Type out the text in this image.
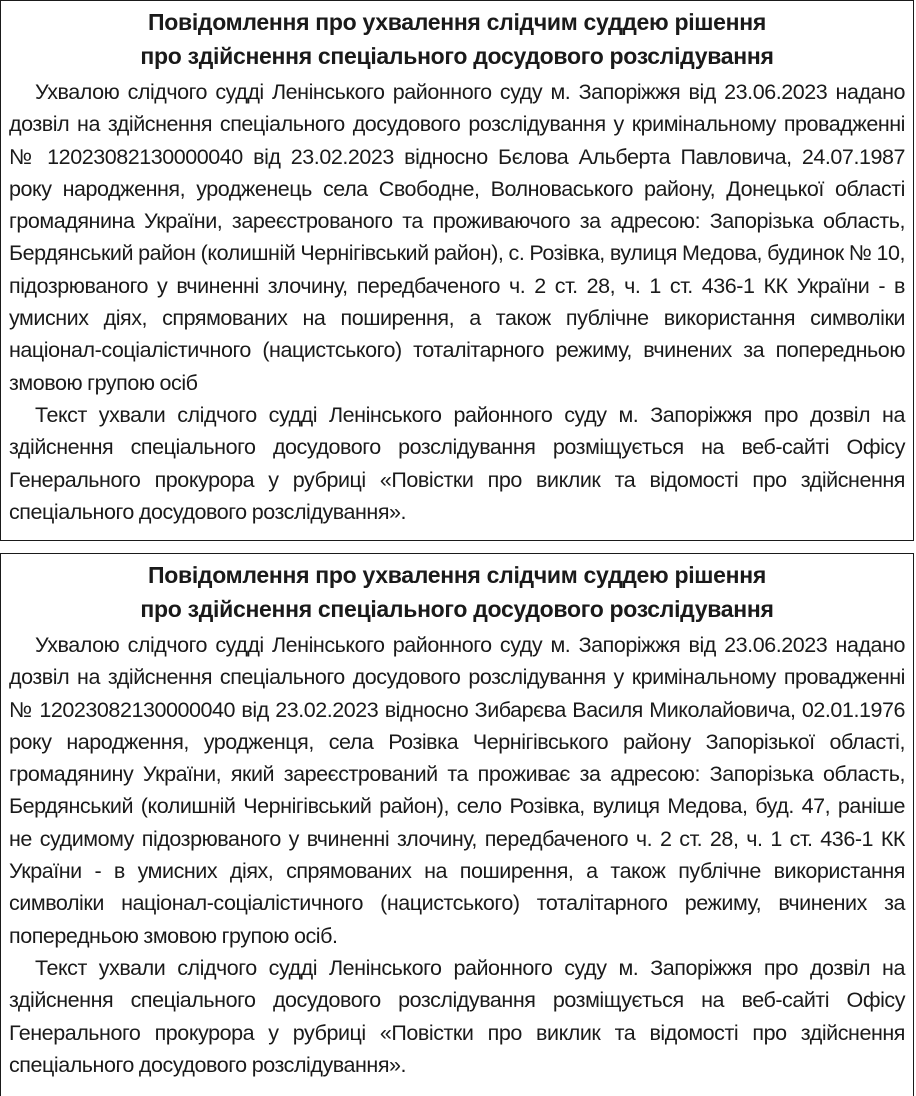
Повідомлення про ухвалення слідчим суддею рішення
про здійснення спеціального досудового розслідування

Ухвалою слідчого судді Ленінського районного суду м. Запоріжжя від 23.06.2023 надано дозвіл на здійснення спеціального досудового розслідування у кримінальному провадженні № 12023082130000040 від 23.02.2023 відносно Бєлова Альберта Павловича, 24.07.1987 року народження, уродженець села Свободне, Волноваського району, Донецької області громадянина України, зареєстрованого та проживаючого за адресою: Запорізька область, Бердянський район (колишній Чернігівський район), с. Розівка, вулиця Медова, будинок № 10, підозрюваного у вчиненні злочину, передбаченого ч. 2 ст. 28, ч. 1 ст. 436-1 КК України - в умисних діях, спрямованих на поширення, а також публічне використання символіки націонал-соціалістичного (нацистського) тоталітарного режиму, вчинених за попередньою змовою групою осіб

Текст ухвали слідчого судді Ленінського районного суду м. Запоріжжя про дозвіл на здійснення спеціального досудового розслідування розміщується на веб-сайті Офісу Генерального прокурора у рубриці «Повістки про виклик та відомості про здійснення спеціального досудового розслідування».

Повідомлення про ухвалення слідчим суддею рішення
про здійснення спеціального досудового розслідування

Ухвалою слідчого судді Ленінського районного суду м. Запоріжжя від 23.06.2023 надано дозвіл на здійснення спеціального досудового розслідування у кримінальному провадженні № 12023082130000040 від 23.02.2023 відносно Зибарєва Василя Миколайовича, 02.01.1976 року народження, уродженця, села Розівка Чернігівського району Запорізької області, громадянину України, який зареєстрований та проживає за адресою: Запорізька область, Бердянський (колишній Чернігівський район), село Розівка, вулиця Медова, буд. 47, раніше не судимому підозрюваного у вчиненні злочину, передбаченого ч. 2 ст. 28, ч. 1 ст. 436-1 КК України - в умисних діях, спрямованих на поширення, а також публічне використання символіки націонал-соціалістичного (нацистського) тоталітарного режиму, вчинених за попередньою змовою групою осіб.

Текст ухвали слідчого судді Ленінського районного суду м. Запоріжжя про дозвіл на здійснення спеціального досудового розслідування розміщується на веб-сайті Офісу Генерального прокурора у рубриці «Повістки про виклик та відомості про здійснення спеціального досудового розслідування».
